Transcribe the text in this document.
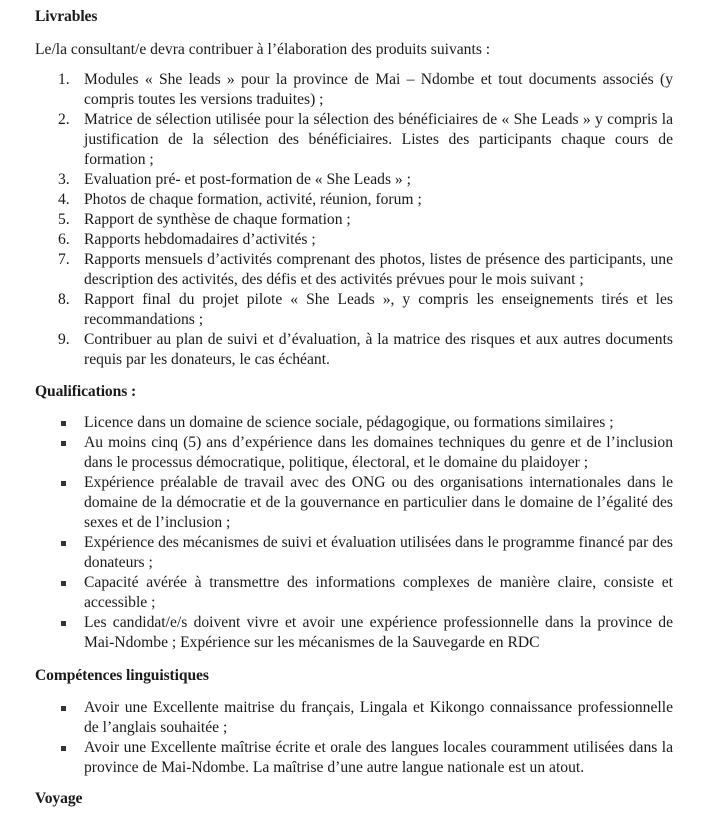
Livrables
Le/la consultant/e devra contribuer à l’élaboration des produits suivants :
1. Modules « She leads » pour la province de Mai – Ndombe et tout documents associés (y compris toutes les versions traduites) ;
2. Matrice de sélection utilisée pour la sélection des bénéficiaires de « She Leads » y compris la justification de la sélection des bénéficiaires. Listes des participants chaque cours de formation ;
3. Evaluation pré- et post-formation de « She Leads » ;
4. Photos de chaque formation, activité, réunion, forum ;
5. Rapport de synthèse de chaque formation ;
6. Rapports hebdomadaires d’activités ;
7. Rapports mensuels d’activités comprenant des photos, listes de présence des participants, une description des activités, des défis et des activités prévues pour le mois suivant ;
8. Rapport final du projet pilote « She Leads », y compris les enseignements tirés et les recommandations ;
9. Contribuer au plan de suivi et d’évaluation, à la matrice des risques et aux autres documents requis par les donateurs, le cas échéant.
Qualifications :
Licence dans un domaine de science sociale, pédagogique, ou formations similaires ;
Au moins cinq (5) ans d’expérience dans les domaines techniques du genre et de l’inclusion dans le processus démocratique, politique, électoral, et le domaine du plaidoyer ;
Expérience préalable de travail avec des ONG ou des organisations internationales dans le domaine de la démocratie et de la gouvernance en particulier dans le domaine de l’égalité des sexes et de l’inclusion ;
Expérience des mécanismes de suivi et évaluation utilisées dans le programme financé par des donateurs ;
Capacité avérée à transmettre des informations complexes de manière claire, consiste et accessible ;
Les candidat/e/s doivent vivre et avoir une expérience professionnelle dans la province de Mai-Ndombe ; Expérience sur les mécanismes de la Sauvegarde en RDC
Compétences linguistiques
Avoir une Excellente maitrise du français, Lingala et Kikongo connaissance professionnelle de l’anglais souhaitée ;
Avoir une Excellente maîtrise écrite et orale des langues locales couramment utilisées dans la province de Mai-Ndombe. La maîtrise d’une autre langue nationale est un atout.
Voyage
